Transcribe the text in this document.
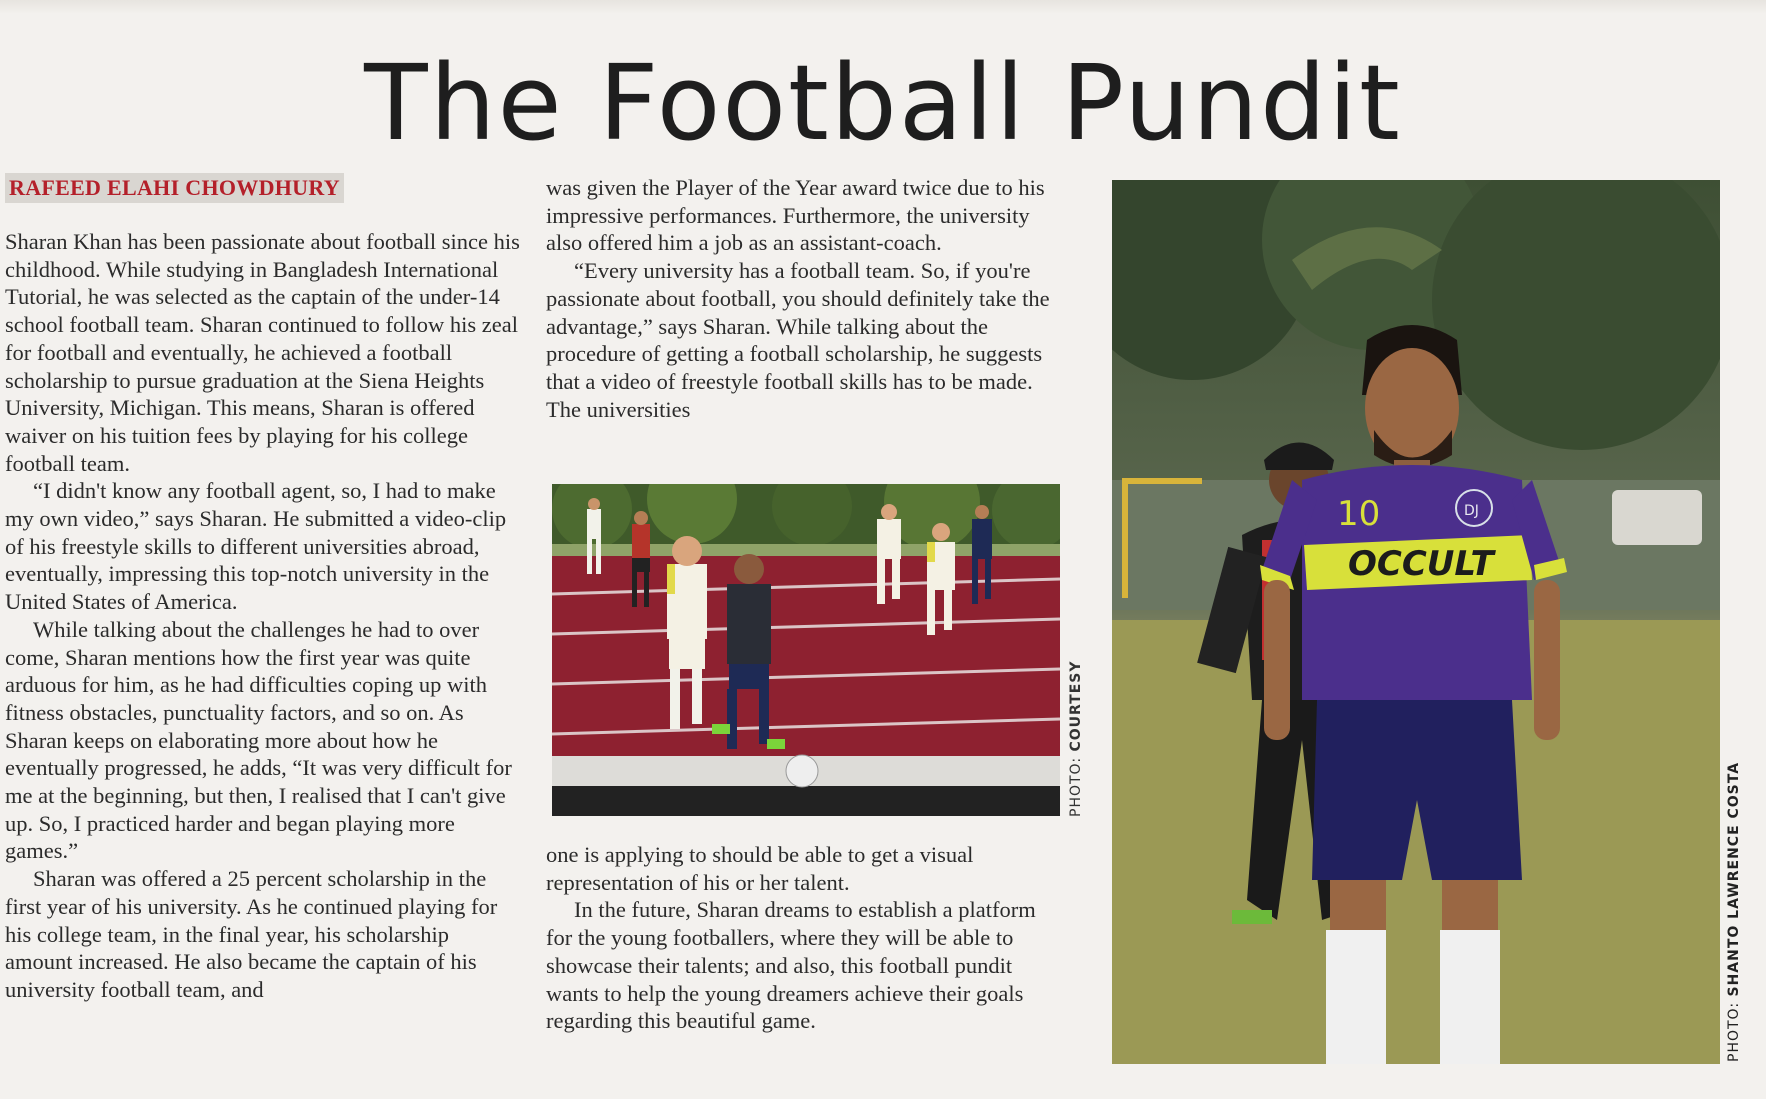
The Football Pundit
RAFEED ELAHI CHOWDHURY

Sharan Khan has been passionate about football since his childhood. While studying in Bangladesh International Tutorial, he was selected as the captain of the under-14 school football team. Sharan continued to follow his zeal for football and eventually, he achieved a football scholarship to pursue graduation at the Siena Heights University, Michigan. This means, Sharan is offered waiver on his tuition fees by playing for his college football team.

“I didn't know any football agent, so, I had to make my own video,” says Sharan. He submitted a video-clip of his freestyle skills to different universities abroad, eventually, impressing this top-notch university in the United States of America.

While talking about the challenges he had to over come, Sharan mentions how the first year was quite arduous for him, as he had difficulties coping up with fitness obstacles, punctuality factors, and so on. As Sharan keeps on elaborating more about how he eventually progressed, he adds, “It was very difficult for me at the beginning, but then, I realised that I can't give up. So, I practiced harder and began playing more games.”

Sharan was offered a 25 percent scholarship in the first year of his university. As he continued playing for his college team, in the final year, his scholarship amount increased. He also became the captain of his university football team, and

was given the Player of the Year award twice due to his impressive performances. Furthermore, the university also offered him a job as an assistant-coach.

“Every university has a football team. So, if you're passionate about football, you should definitely take the advantage,” says Sharan. While talking about the procedure of getting a football scholarship, he suggests that a video of freestyle football skills has to be made. The universities

PHOTO: COURTESY

one is applying to should be able to get a visual representation of his or her talent.

In the future, Sharan dreams to establish a platform for the young footballers, where they will be able to showcase their talents; and also, this football pundit wants to help the young dreamers achieve their goals regarding this beautiful game.

OCCULT
10	DJ
PHOTO: SHANTO LAWRENCE COSTA
